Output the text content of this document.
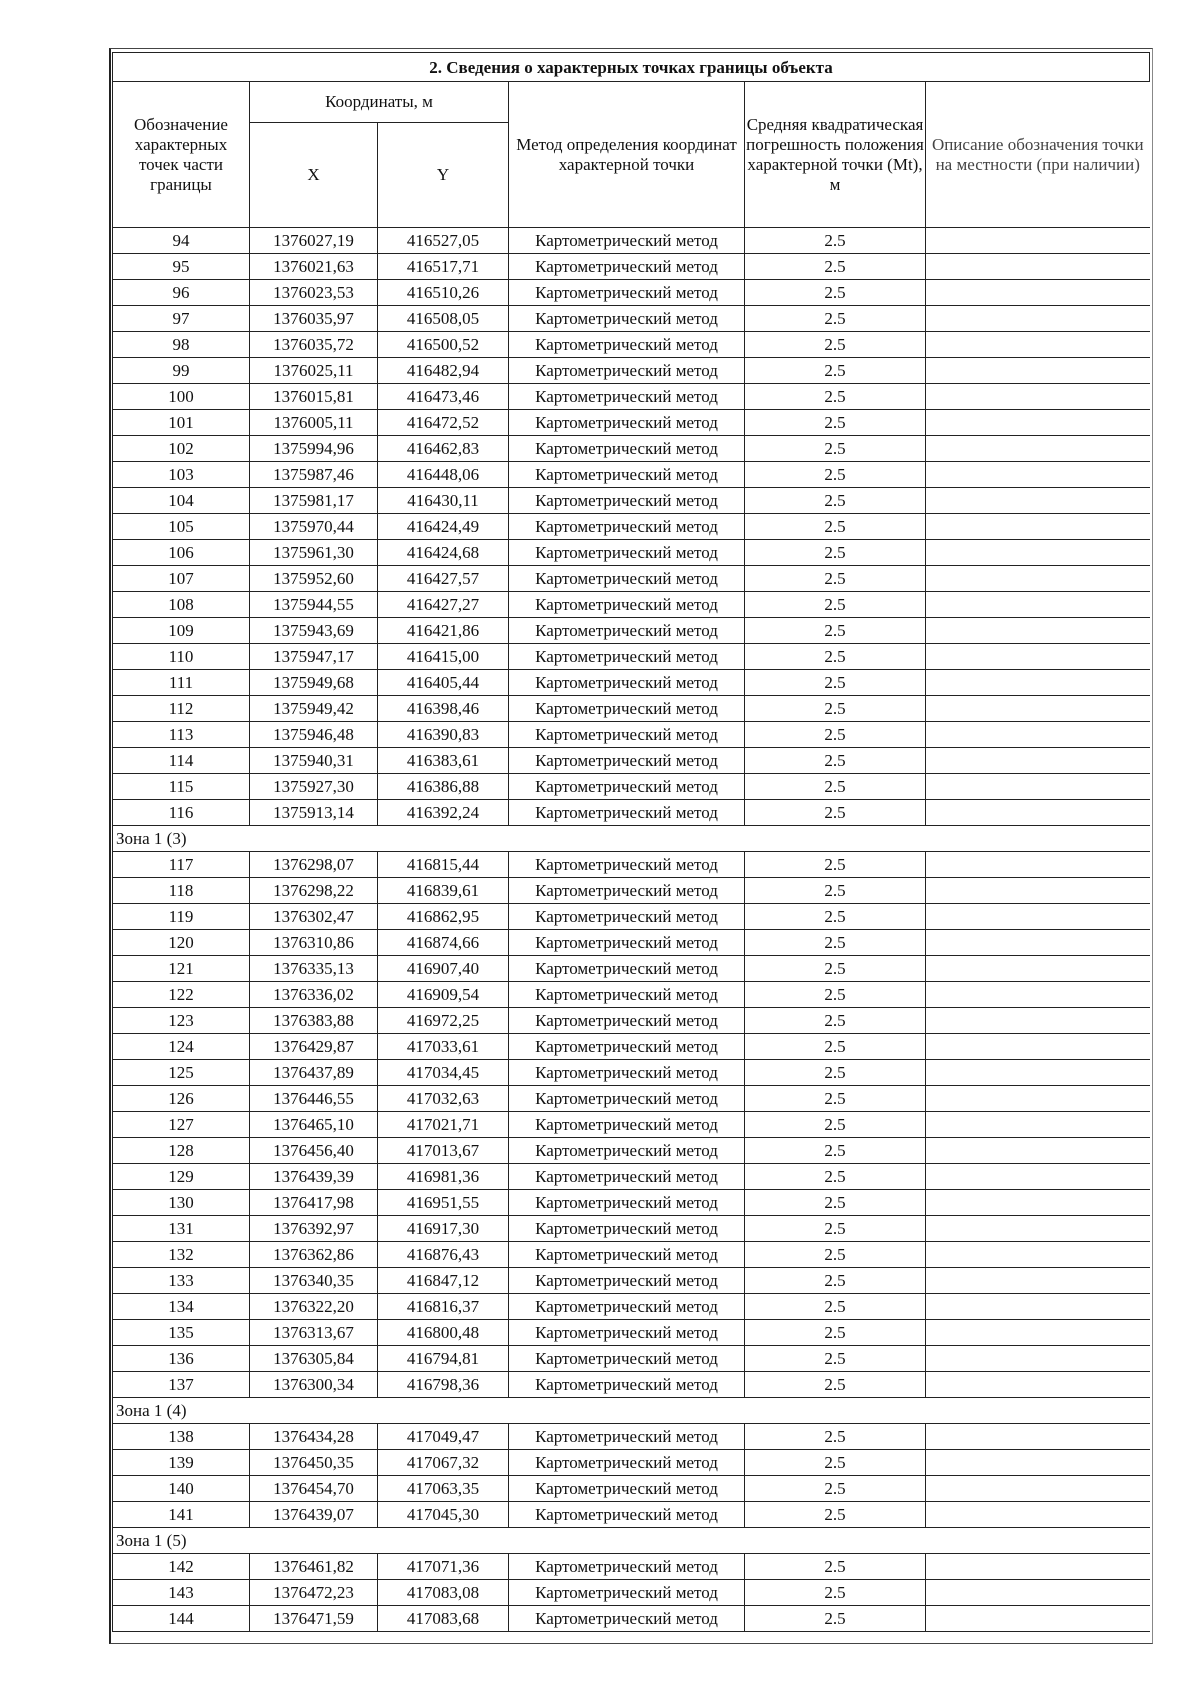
2. Сведения о характерных точках границы объекта					
Обозначение характерных точек части границы	Координаты, м		Метод определения координат характерной точки	Средняя квадратическая погрешность положения характерной точки (Mt), м	Описание обозначения точки на местности (при наличии)
	X	Y			
94	1376027,19	416527,05	Картометрический метод	2.5	
95	1376021,63	416517,71	Картометрический метод	2.5	
96	1376023,53	416510,26	Картометрический метод	2.5	
97	1376035,97	416508,05	Картометрический метод	2.5	
98	1376035,72	416500,52	Картометрический метод	2.5	
99	1376025,11	416482,94	Картометрический метод	2.5	
100	1376015,81	416473,46	Картометрический метод	2.5	
101	1376005,11	416472,52	Картометрический метод	2.5	
102	1375994,96	416462,83	Картометрический метод	2.5	
103	1375987,46	416448,06	Картометрический метод	2.5	
104	1375981,17	416430,11	Картометрический метод	2.5	
105	1375970,44	416424,49	Картометрический метод	2.5	
106	1375961,30	416424,68	Картометрический метод	2.5	
107	1375952,60	416427,57	Картометрический метод	2.5	
108	1375944,55	416427,27	Картометрический метод	2.5	
109	1375943,69	416421,86	Картометрический метод	2.5	
110	1375947,17	416415,00	Картометрический метод	2.5	
111	1375949,68	416405,44	Картометрический метод	2.5	
112	1375949,42	416398,46	Картометрический метод	2.5	
113	1375946,48	416390,83	Картометрический метод	2.5	
114	1375940,31	416383,61	Картометрический метод	2.5	
115	1375927,30	416386,88	Картометрический метод	2.5	
116	1375913,14	416392,24	Картометрический метод	2.5	
Зона 1 (3)					
117	1376298,07	416815,44	Картометрический метод	2.5	
118	1376298,22	416839,61	Картометрический метод	2.5	
119	1376302,47	416862,95	Картометрический метод	2.5	
120	1376310,86	416874,66	Картометрический метод	2.5	
121	1376335,13	416907,40	Картометрический метод	2.5	
122	1376336,02	416909,54	Картометрический метод	2.5	
123	1376383,88	416972,25	Картометрический метод	2.5	
124	1376429,87	417033,61	Картометрический метод	2.5	
125	1376437,89	417034,45	Картометрический метод	2.5	
126	1376446,55	417032,63	Картометрический метод	2.5	
127	1376465,10	417021,71	Картометрический метод	2.5	
128	1376456,40	417013,67	Картометрический метод	2.5	
129	1376439,39	416981,36	Картометрический метод	2.5	
130	1376417,98	416951,55	Картометрический метод	2.5	
131	1376392,97	416917,30	Картометрический метод	2.5	
132	1376362,86	416876,43	Картометрический метод	2.5	
133	1376340,35	416847,12	Картометрический метод	2.5	
134	1376322,20	416816,37	Картометрический метод	2.5	
135	1376313,67	416800,48	Картометрический метод	2.5	
136	1376305,84	416794,81	Картометрический метод	2.5	
137	1376300,34	416798,36	Картометрический метод	2.5	
Зона 1 (4)					
138	1376434,28	417049,47	Картометрический метод	2.5	
139	1376450,35	417067,32	Картометрический метод	2.5	
140	1376454,70	417063,35	Картометрический метод	2.5	
141	1376439,07	417045,30	Картометрический метод	2.5	
Зона 1 (5)					
142	1376461,82	417071,36	Картометрический метод	2.5	
143	1376472,23	417083,08	Картометрический метод	2.5	
144	1376471,59	417083,68	Картометрический метод	2.5	
